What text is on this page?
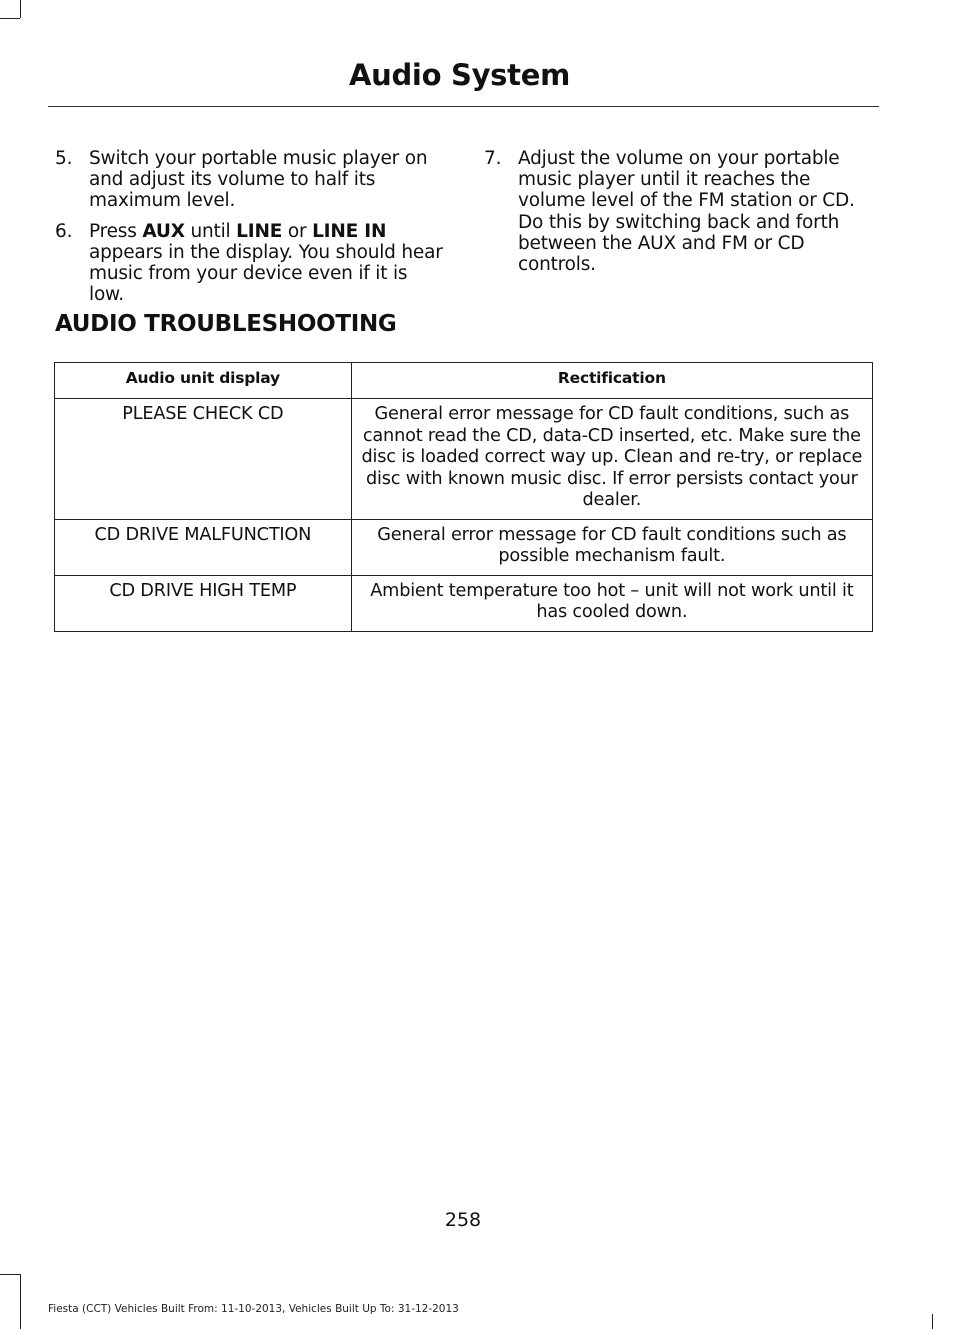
Audio System
5. Switch your portable music player on and adjust its volume to half its maximum level.
6. Press AUX until LINE or LINE IN appears in the display. You should hear music from your device even if it is low.
7. Adjust the volume on your portable music player until it reaches the volume level of the FM station or CD. Do this by switching back and forth between the AUX and FM or CD controls.
AUDIO TROUBLESHOOTING
Audio unit display	Rectification
PLEASE CHECK CD	General error message for CD fault conditions, such as cannot read the CD, data-CD inserted, etc. Make sure the disc is loaded correct way up. Clean and re-try, or replace disc with known music disc. If error persists contact your dealer.
CD DRIVE MALFUNCTION	General error message for CD fault conditions such as possible mechanism fault.
CD DRIVE HIGH TEMP	Ambient temperature too hot – unit will not work until it has cooled down.
258
Fiesta (CCT) Vehicles Built From: 11-10-2013, Vehicles Built Up To: 31-12-2013
